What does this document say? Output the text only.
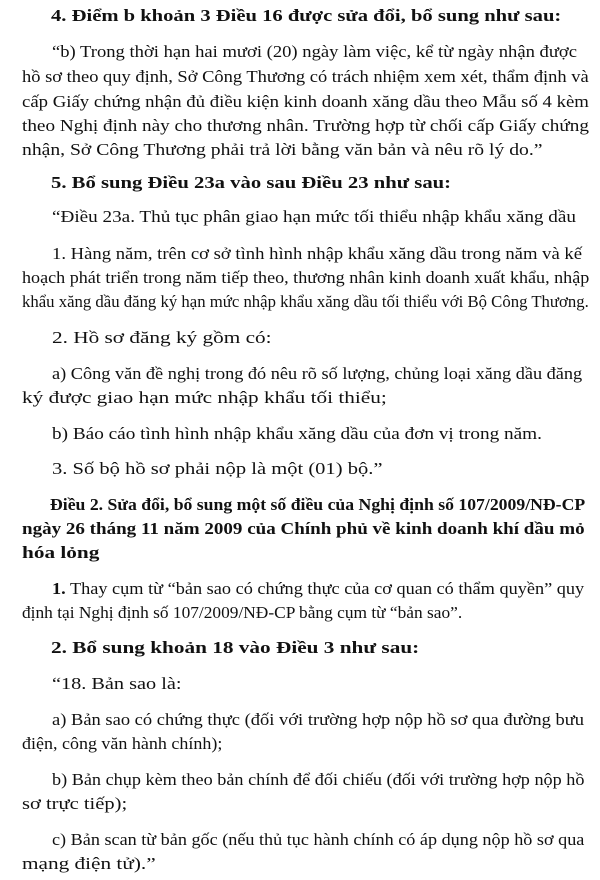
4. Điểm b khoản 3 Điều 16 được sửa đổi, bổ sung như sau:
“b) Trong thời hạn hai mươi (20) ngày làm việc, kể từ ngày nhận được
hồ sơ theo quy định, Sở Công Thương có trách nhiệm xem xét, thẩm định và
cấp Giấy chứng nhận đủ điều kiện kinh doanh xăng dầu theo Mẫu số 4 kèm
theo Nghị định này cho thương nhân. Trường hợp từ chối cấp Giấy chứng
nhận, Sở Công Thương phải trả lời bằng văn bản và nêu rõ lý do.”
5. Bổ sung Điều 23a vào sau Điều 23 như sau:
“Điều 23a. Thủ tục phân giao hạn mức tối thiểu nhập khẩu xăng dầu
1. Hàng năm, trên cơ sở tình hình nhập khẩu xăng dầu trong năm và kế
hoạch phát triển trong năm tiếp theo, thương nhân kinh doanh xuất khẩu, nhập
khẩu xăng dầu đăng ký hạn mức nhập khẩu xăng dầu tối thiểu với Bộ Công Thương.
2. Hồ sơ đăng ký gồm có:
a) Công văn đề nghị trong đó nêu rõ số lượng, chủng loại xăng dầu đăng
ký được giao hạn mức nhập khẩu tối thiểu;
b) Báo cáo tình hình nhập khẩu xăng dầu của đơn vị trong năm.
3. Số bộ hồ sơ phải nộp là một (01) bộ.”
Điều 2. Sửa đổi, bổ sung một số điều của Nghị định số 107/2009/NĐ-CP
ngày 26 tháng 11 năm 2009 của Chính phủ về kinh doanh khí dầu mỏ
hóa lỏng
1. Thay cụm từ “bản sao có chứng thực của cơ quan có thẩm quyền” quy
định tại Nghị định số 107/2009/NĐ-CP bằng cụm từ “bản sao”.
2. Bổ sung khoản 18 vào Điều 3 như sau:
“18. Bản sao là:
a) Bản sao có chứng thực (đối với trường hợp nộp hồ sơ qua đường bưu
điện, công văn hành chính);
b) Bản chụp kèm theo bản chính để đối chiếu (đối với trường hợp nộp hồ
sơ trực tiếp);
c) Bản scan từ bản gốc (nếu thủ tục hành chính có áp dụng nộp hồ sơ qua
mạng điện tử).”
